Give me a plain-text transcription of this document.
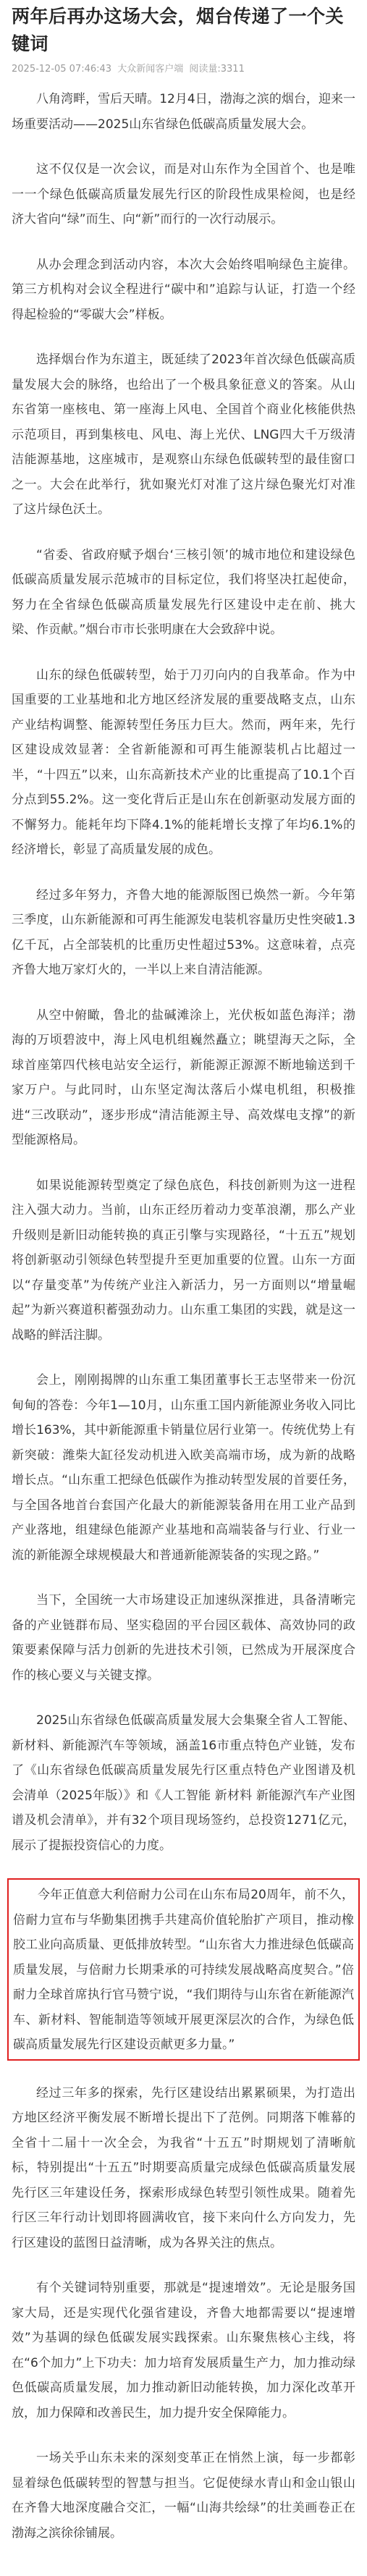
两年后再办这场大会，烟台传递了一个关键词
2025-12-05 07:46:43 大众新闻客户端 阅读量:3311

八角湾畔，雪后天晴。12月4日，渤海之滨的烟台，迎来一场重要活动——2025山东省绿色低碳高质量发展大会。

这不仅仅是一次会议，而是对山东作为全国首个、也是唯一一个绿色低碳高质量发展先行区的阶段性成果检阅，也是经济大省向“绿”而生、向“新”而行的一次行动展示。

从办会理念到活动内容，本次大会始终唱响绿色主旋律。第三方机构对会议全程进行“碳中和”追踪与认证，打造一个经得起检验的“零碳大会”样板。

选择烟台作为东道主，既延续了2023年首次绿色低碳高质量发展大会的脉络，也给出了一个极具象征意义的答案。从山东省第一座核电、第一座海上风电、全国首个商业化核能供热示范项目，再到集核电、风电、海上光伏、LNG四大千万级清洁能源基地，这座城市，是观察山东绿色低碳转型的最佳窗口之一。大会在此举行，犹如聚光灯对准了这片绿色聚光灯对准了这片绿色沃土。

“省委、省政府赋予烟台‘三核引领’的城市地位和建设绿色低碳高质量发展示范城市的目标定位，我们将坚决扛起使命，努力在全省绿色低碳高质量发展先行区建设中走在前、挑大梁、作贡献。”烟台市市长张明康在大会致辞中说。

山东的绿色低碳转型，始于刀刃向内的自我革命。作为中国重要的工业基地和北方地区经济发展的重要战略支点，山东产业结构调整、能源转型任务压力巨大。然而，两年来，先行区建设成效显著：全省新能源和可再生能源装机占比超过一半，“十四五”以来，山东高新技术产业的比重提高了10.1个百分点到55.2%。这一变化背后正是山东在创新驱动发展方面的不懈努力。能耗年均下降4.1%的能耗增长支撑了年均6.1%的经济增长，彰显了高质量发展的成色。

经过多年努力，齐鲁大地的能源版图已焕然一新。今年第三季度，山东新能源和可再生能源发电装机容量历史性突破1.3亿千瓦，占全部装机的比重历史性超过53%。这意味着，点亮齐鲁大地万家灯火的，一半以上来自清洁能源。

从空中俯瞰，鲁北的盐碱滩涂上，光伏板如蓝色海洋；渤海的万顷碧波中，海上风电机组巍然矗立；眺望海天之际，全球首座第四代核电站安全运行，新能源正源源不断地输送到千家万户。与此同时，山东坚定淘汰落后小煤电机组，积极推进“三改联动”，逐步形成“清洁能源主导、高效煤电支撑”的新型能源格局。

如果说能源转型奠定了绿色底色，科技创新则为这一进程注入强大动力。当前，山东正经历着动力变革浪潮，那么产业升级则是新旧动能转换的真正引擎与实现路径，“十五五”规划将创新驱动引领绿色转型提升至更加重要的位置。山东一方面以“存量变革”为传统产业注入新活力，另一方面则以“增量崛起”为新兴赛道积蓄强劲动力。山东重工集团的实践，就是这一战略的鲜活注脚。

会上，刚刚揭牌的山东重工集团董事长王志坚带来一份沉甸甸的答卷：今年1—10月，山东重工国内新能源业务收入同比增长163%，其中新能源重卡销量位居行业第一。传统优势上有新突破：潍柴大缸径发动机进入欧美高端市场，成为新的战略增长点。“山东重工把绿色低碳作为推动转型发展的首要任务，与全国各地首台套国产化最大的新能源装备用在用工业产品到产业落地，组建绿色能源产业基地和高端装备与行业、行业一流的新能源全球规模最大和普通新能源装备的实现之路。”

当下，全国统一大市场建设正加速纵深推进，具备清晰完备的产业链群布局、坚实稳固的平台园区载体、高效协同的政策要素保障与活力创新的先进技术引领，已然成为开展深度合作的核心要义与关键支撑。

2025山东省绿色低碳高质量发展大会集聚全省人工智能、新材料、新能源汽车等领域，涵盖16市重点特色产业链，发布了《山东省绿色低碳高质量发展先行区重点特色产业图谱及机会清单（2025年版）》和《人工智能 新材料 新能源汽车产业图谱及机会清单》，并有32个项目现场签约，总投资1271亿元，展示了提振投资信心的力度。

今年正值意大利倍耐力公司在山东布局20周年，前不久，倍耐力宣布与华勤集团携手共建高价值轮胎扩产项目，推动橡胶工业向高质量、更低排放转型。“山东省大力推进绿色低碳高质量发展，与倍耐力长期秉承的可持续发展战略高度契合。”倍耐力全球首席执行官马赞宁说，“我们期待与山东省在新能源汽车、新材料、智能制造等领域开展更深层次的合作，为绿色低碳高质量发展先行区建设贡献更多力量。”

经过三年多的探索，先行区建设结出累累硕果，为打造出方地区经济平衡发展不断增长提出下了范例。同期落下帷幕的全省十二届十一次全会，为我省“十五五”时期规划了清晰航标，特别提出“十五五”时期要高质量完成绿色低碳高质量发展先行区三年建设任务，探索形成绿色转型引领性成果。随着先行区三年行动计划即将圆满收官，接下来向什么方向发力，先行区建设的蓝图日益清晰，成为各界关注的焦点。

有个关键词特别重要，那就是“提速增效”。无论是服务国家大局，还是实现代化强省建设，齐鲁大地都需要以“提速增效”为基调的绿色低碳发展实践探索。山东聚焦核心主线，将在“6个加力”上下功夫：加力培育发展质量生产力，加力推动绿色低碳高质量发展，加力推动新旧动能转换，加力深化改革开放，加力保障和改善民生，加力提升安全保障能力。

一场关乎山东未来的深刻变革正在悄然上演，每一步都彰显着绿色低碳转型的智慧与担当。它促使绿水青山和金山银山在齐鲁大地深度融合交汇，一幅“山海共绘绿”的壮美画卷正在渤海之滨徐徐铺展。
